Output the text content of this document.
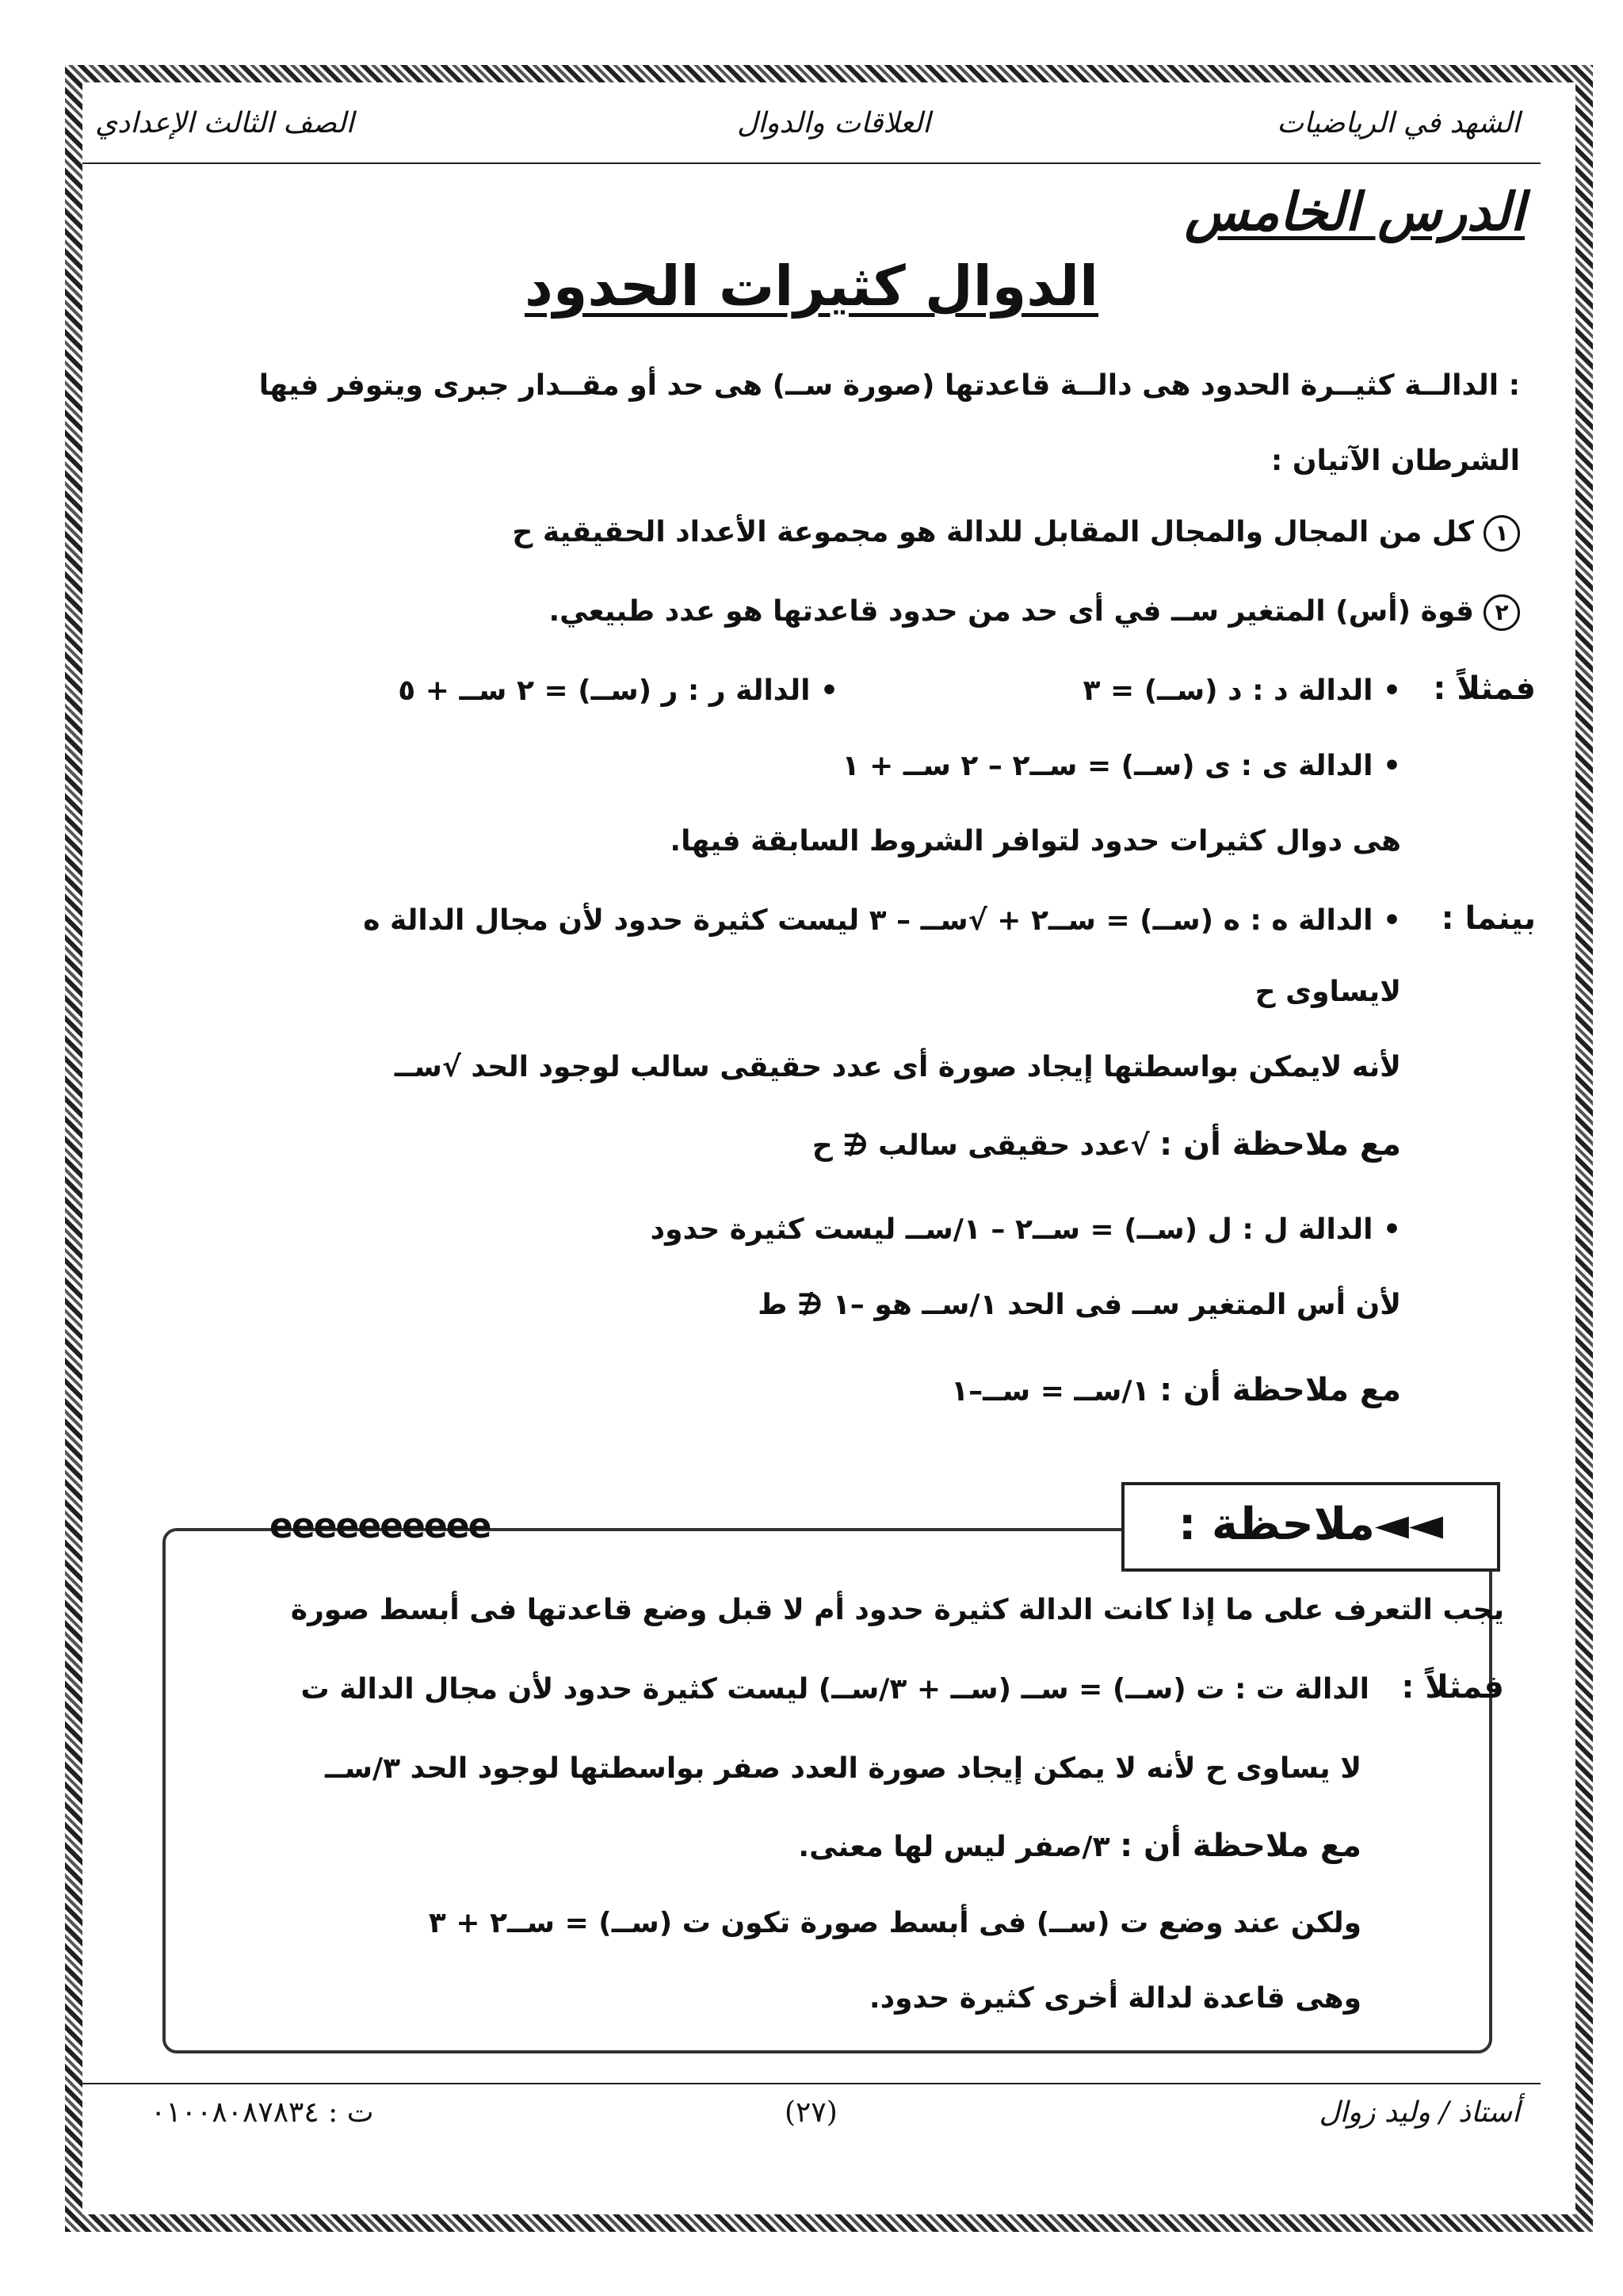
الشهد في الرياضيات
العلاقات والدوال
الصف الثالث الإعدادي
الدرس الخامس
الدوال كثيرات الحدود
: الدالــة كثيــرة الحدود هى دالــة قاعدتها (صورة ســ) هى حد أو مقــدار جبرى ويتوفر فيها
الشرطان الآتيان :
١كل من المجال والمجال المقابل للدالة هو مجموعة الأعداد الحقيقية ح
٢قوة (أس) المتغير ســ في أى حد من حدود قاعدتها هو عدد طبيعي.
فمثلاً :
• الدالة د : د (ســ) = ٣
• الدالة ر : ر (ســ) = ٢ ســ + ٥
• الدالة ى : ى (ســ) = ســ٢ – ٢ ســ + ١
هى دوال كثيرات حدود لتوافر الشروط السابقة فيها.
بينما :
• الدالة ه : ه (ســ) = ســ٢ + √ســ – ٣ ليست كثيرة حدود لأن مجال الدالة ه
لايساوى ح
لأنه لايمكن بواسطتها إيجاد صورة أى عدد حقيقى سالب لوجود الحد √ســ
مع ملاحظة أن : √عدد حقيقى سالب ∉ ح
• الدالة ل : ل (ســ) = ســ٢ – ١/ســ ليست كثيرة حدود
لأن أس المتغير ســ فى الحد ١/ســ هو –١ ∉ ط
مع ملاحظة أن : ١/ســ = ســ–١
ееееееееее	◄◄ملاحظة :
يجب التعرف على ما إذا كانت الدالة كثيرة حدود أم لا قبل وضع قاعدتها فى أبسط صورة
فمثلاً :
الدالة ت : ت (ســ) = ســ (ســ + ٣/ســ) ليست كثيرة حدود لأن مجال الدالة ت
لا يساوى ح لأنه لا يمكن إيجاد صورة العدد صفر بواسطتها لوجود الحد ٣/ســ
مع ملاحظة أن : ٣/صفر ليس لها معنى.
ولكن عند وضع ت (ســ) فى أبسط صورة تكون ت (ســ) = ســ٢ + ٣
وهى قاعدة لدالة أخرى كثيرة حدود.
أستاذ / وليد زوال
(٢٧)
ت : ٠١٠٠٨٠٨٧٨٣٤
